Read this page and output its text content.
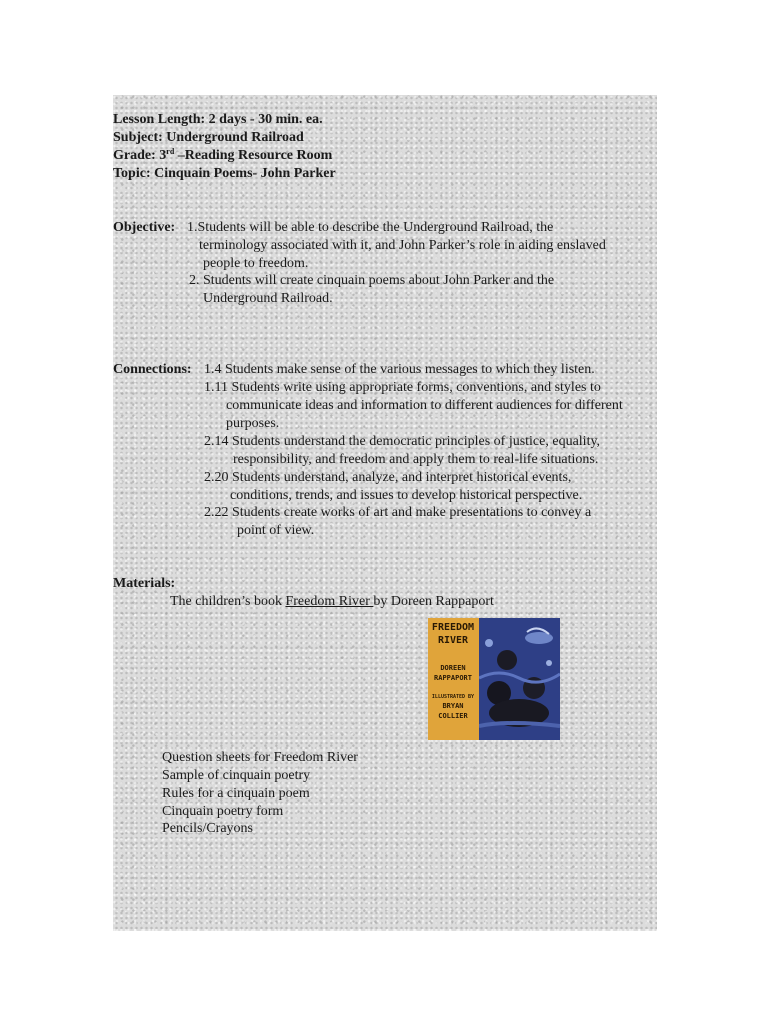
Lesson Length: 2 days - 30 min. ea.
Subject: Underground Railroad
Grade: 3rd –Reading Resource Room
Topic: Cinquain Poems- John Parker
Objective: 1.Students will be able to describe the Underground Railroad, the
terminology associated with it, and John Parker’s role in aiding enslaved
people to freedom.
2. Students will create cinquain poems about John Parker and the
Underground Railroad.
Connections: 1.4 Students make sense of the various messages to which they listen.
1.11 Students write using appropriate forms, conventions, and styles to
communicate ideas and information to different audiences for different
purposes.
2.14 Students understand the democratic principles of justice, equality,
responsibility, and freedom and apply them to real-life situations.
2.20 Students understand, analyze, and interpret historical events,
conditions, trends, and issues to develop historical perspective.
2.22 Students create works of art and make presentations to convey a
point of view.
Materials:
The children’s book Freedom River by Doreen Rappaport
FREEDOM
RIVER
DOREEN
RAPPAPORT
ILLUSTRATED BY
BRYAN
COLLIER
Question sheets for Freedom River
Sample of cinquain poetry
Rules for a cinquain poem
Cinquain poetry form
Pencils/Crayons
